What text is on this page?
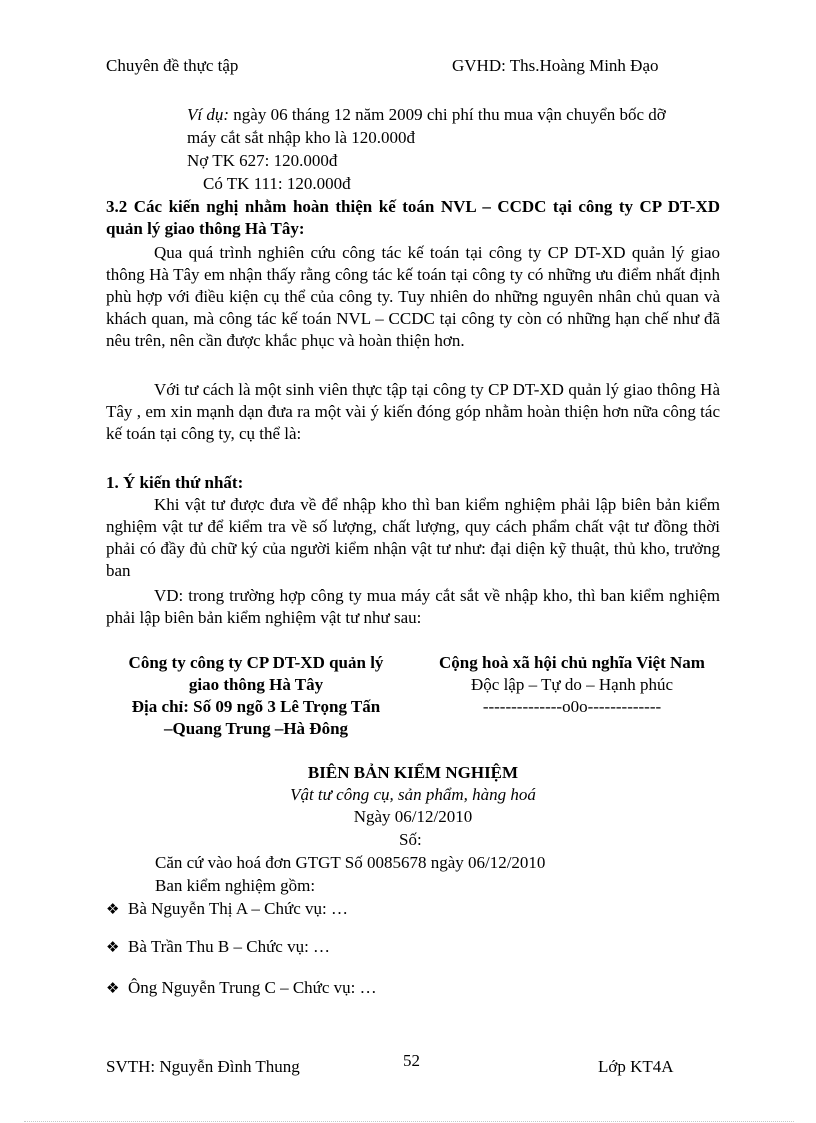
Chuyên đề thực tập	GVHD: Ths.Hoàng Minh Đạo
Ví dụ: ngày 06 tháng 12 năm 2009 chi phí thu mua vận chuyển bốc dỡ
máy cắt sắt nhập kho là 120.000đ
Nợ TK 627: 120.000đ
Có TK 111: 120.000đ
3.2 Các kiến nghị nhằm hoàn thiện kế toán NVL – CCDC tại công ty CP DT-XD quản lý giao thông Hà Tây:
Qua quá trình nghiên cứu công tác kế toán tại công ty CP DT-XD quản lý giao thông Hà Tây em nhận thấy rằng công tác kế toán tại công ty có những ưu điểm nhất định phù hợp với điều kiện cụ thể của công ty. Tuy nhiên do những nguyên nhân chủ quan và khách quan, mà công tác kế toán NVL – CCDC tại công ty còn có những hạn chế như đã nêu trên, nên cần được khắc phục và hoàn thiện hơn.
Với tư cách là một sinh viên thực tập tại công ty CP DT-XD quản lý giao thông Hà Tây , em xin mạnh dạn đưa ra một vài ý kiến đóng góp nhằm hoàn thiện hơn nữa công tác kế toán tại công ty, cụ thể là:
1. Ý kiến thứ nhất:
Khi vật tư được đưa về để nhập kho thì ban kiểm nghiệm phải lập biên bản kiểm nghiệm vật tư để kiểm tra về số lượng, chất lượng, quy cách phẩm chất vật tư đồng thời phải có đầy đủ chữ ký của người kiểm nhận vật tư như: đại diện kỹ thuật, thủ kho, trưởng ban
VD: trong trường hợp công ty mua máy cắt sắt về nhập kho, thì ban kiểm nghiệm phải lập biên bản kiểm nghiệm vật tư như sau:
Công ty công ty CP DT-XD quản lý
giao thông Hà Tây
Địa chỉ: Số 09 ngõ 3 Lê Trọng Tấn
–Quang Trung –Hà Đông
Cộng hoà xã hội chủ nghĩa Việt Nam
Độc lập – Tự do – Hạnh phúc
--------------o0o-------------
BIÊN BẢN KIỂM NGHIỆM
Vật tư công cụ, sản phẩm, hàng hoá
Ngày 06/12/2010
Số:
Căn cứ vào hoá đơn GTGT Số 0085678 ngày 06/12/2010
Ban kiểm nghiệm gồm:
❖ Bà Nguyễn Thị A – Chức vụ: …
❖ Bà Trần Thu B – Chức vụ: …
❖ Ông Nguyễn Trung C – Chức vụ: …
SVTH: Nguyễn Đình Thung	52	Lớp KT4A
